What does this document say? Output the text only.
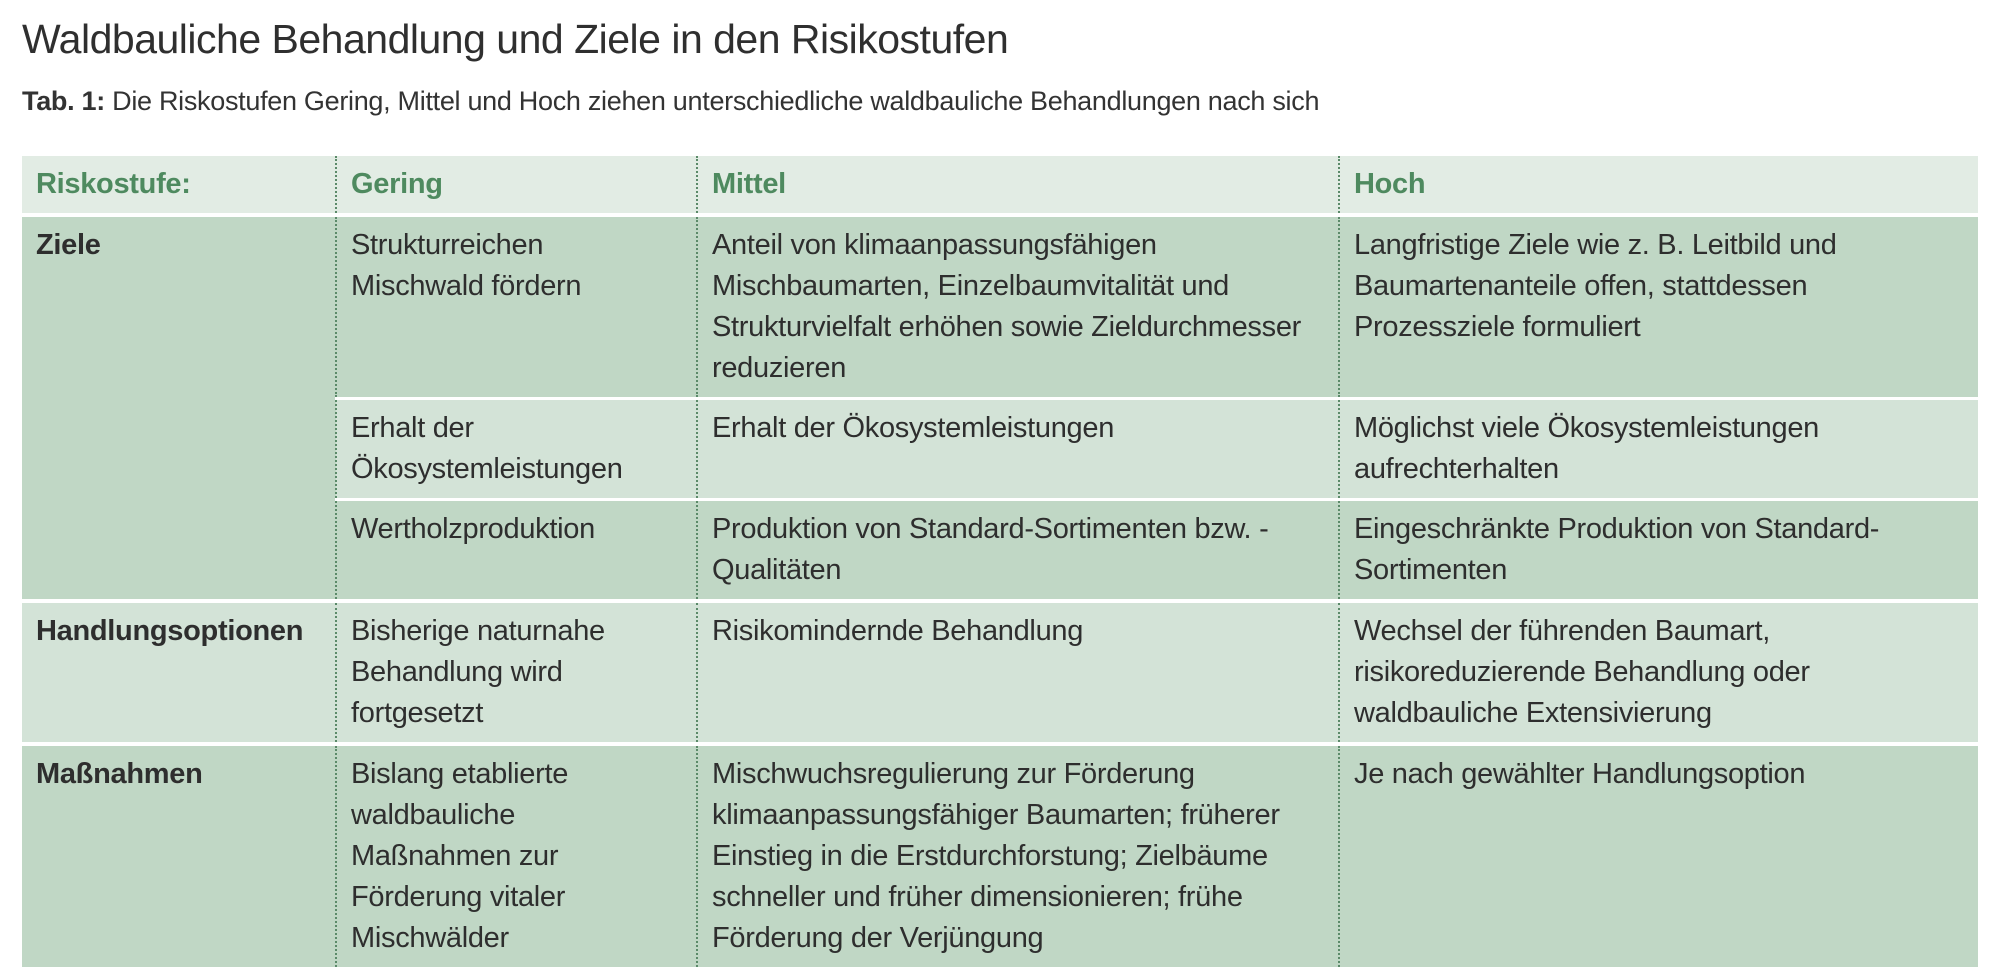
Waldbauliche Behandlung und Ziele in den Risikostufen
Tab. 1: Die Riskostufen Gering, Mittel und Hoch ziehen unterschiedliche waldbauliche Behandlungen nach sich
Riskostufe:	Gering	Mittel	Hoch
Ziele	Strukturreichen Mischwald fördern	Anteil von klimaanpassungsfähigen Mischbaumarten, Einzelbaumvitalität und Strukturvielfalt erhöhen sowie Zieldurchmesser reduzieren	Langfristige Ziele wie z. B. Leitbild und Baumartenanteile offen, stattdessen Prozessziele formuliert
	Erhalt der Ökosystemleistungen	Erhalt der Ökosystemleistungen	Möglichst viele Ökosystemleistungen aufrechterhalten
	Wertholzproduktion	Produktion von Standard-Sortimenten bzw. -Qualitäten	Eingeschränkte Produktion von Standard-Sortimenten
Handlungsoptionen	Bisherige naturnahe Behandlung wird fortgesetzt	Risikomindernde Behandlung	Wechsel der führenden Baumart, risikoreduzierende Behandlung oder waldbauliche Extensivierung
Maßnahmen	Bislang etablierte waldbauliche Maßnahmen zur Förderung vitaler Mischwälder	Mischwuchsregulierung zur Förderung klimaanpassungsfähiger Baumarten; früherer Einstieg in die Erstdurchforstung; Zielbäume schneller und früher dimensionieren; frühe Förderung der Verjüngung	Je nach gewählter Handlungsoption
